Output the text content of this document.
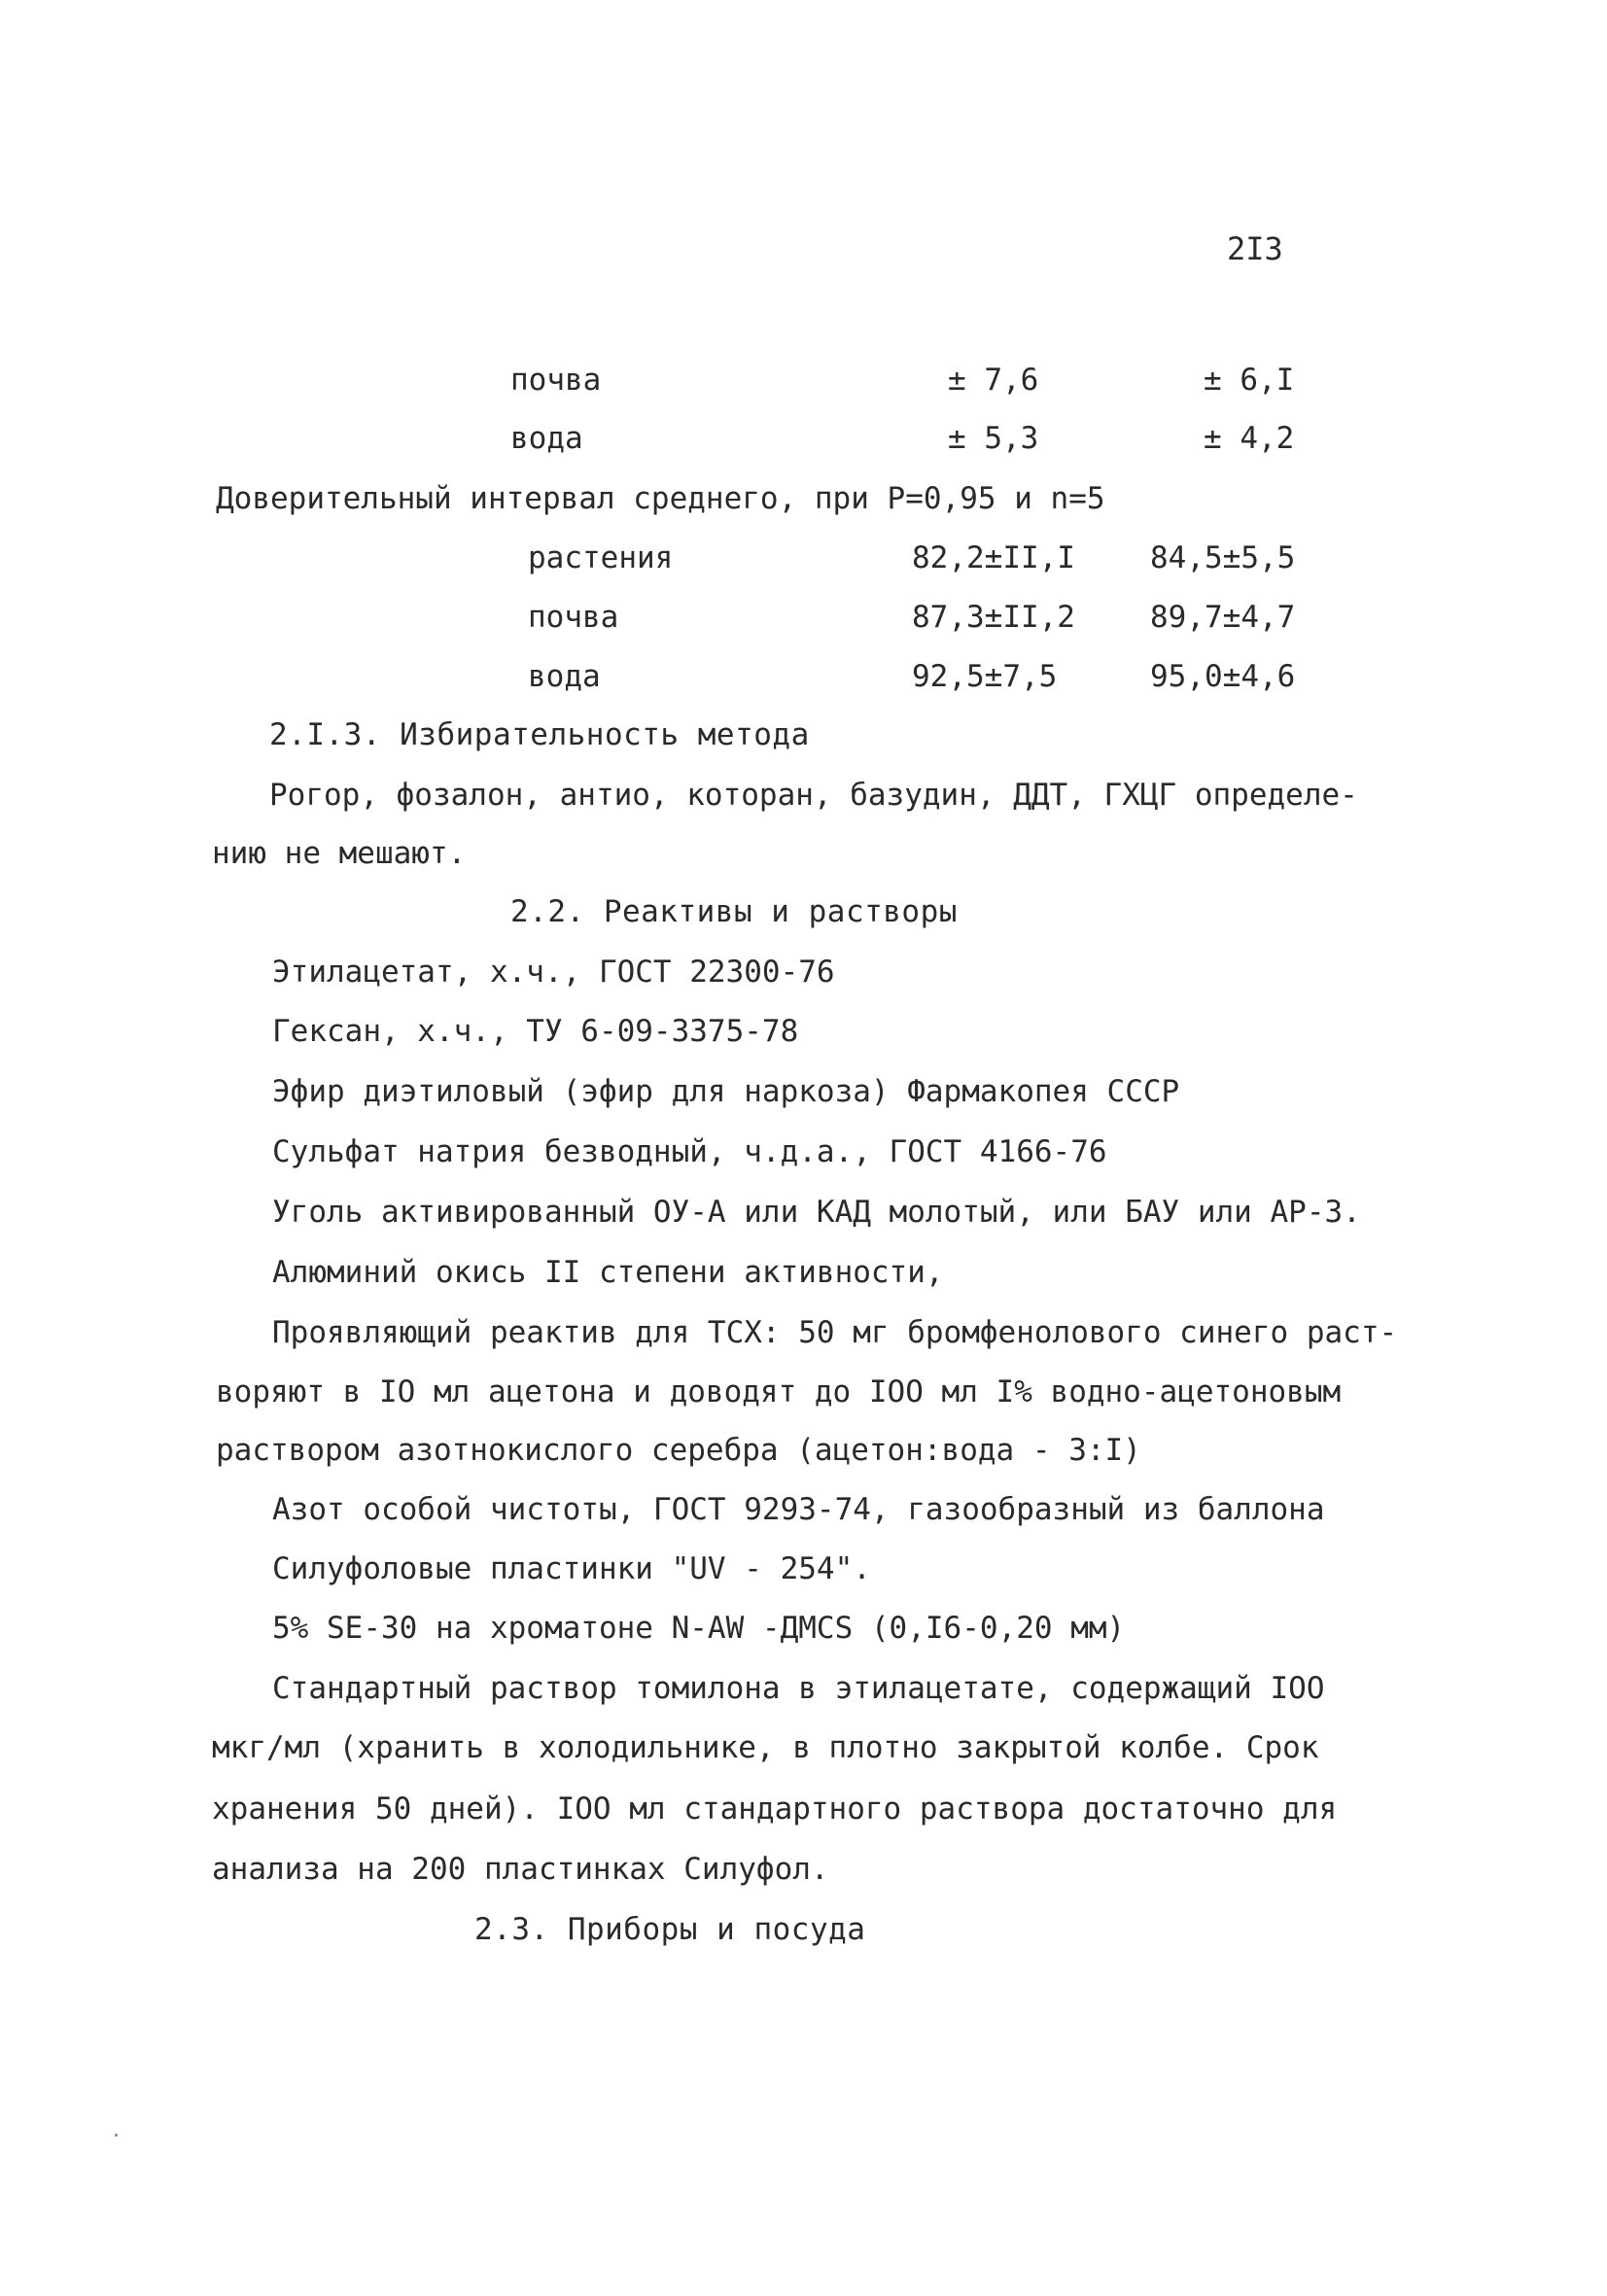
2I3
почва	± 7,6	± 6,I
вода	± 5,3	± 4,2
Доверительный интервал среднего, при P=0,95 и n=5
растения	82,2±II,I 84,5±5,5
почва	87,3±II,2 89,7±4,7
вода	92,5±7,5	95,0±4,6
2.I.3. Избирательность метода
Рогор, фозалон, антио, которан, базудин, ДДТ, ГХЦГ определе-
нию не мешают.
2.2. Реактивы и растворы
Этилацетат, х.ч., ГОСТ 22300-76
Гексан, х.ч., ТУ 6-09-3375-78
Эфир диэтиловый (эфир для наркоза) Фармакопея СССР
Сульфат натрия безводный, ч.д.а., ГОСТ 4166-76
Уголь активированный ОУ-А или КАД молотый, или БАУ или АР-3.
Алюминий окись II степени активности,
Проявляющий реактив для ТСХ: 50 мг бромфенолового синего раст-
воряют в IO мл ацетона и доводят до IOO мл I% водно-ацетоновым
раствором азотнокислого серебра (ацетон:вода - 3:I)
Азот особой чистоты, ГОСТ 9293-74, газообразный из баллона
Силуфоловые пластинки "UV - 254".
5% SE-30 на хроматоне N-AW -ДМСS (0,I6-0,20 мм)
Стандартный раствор томилона в этилацетате, содержащий IOO
мкг/мл (хранить в холодильнике, в плотно закрытой колбе. Срок
хранения 50 дней). IOO мл стандартного раствора достаточно для
анализа на 200 пластинках Силуфол.
2.3. Приборы и посуда
